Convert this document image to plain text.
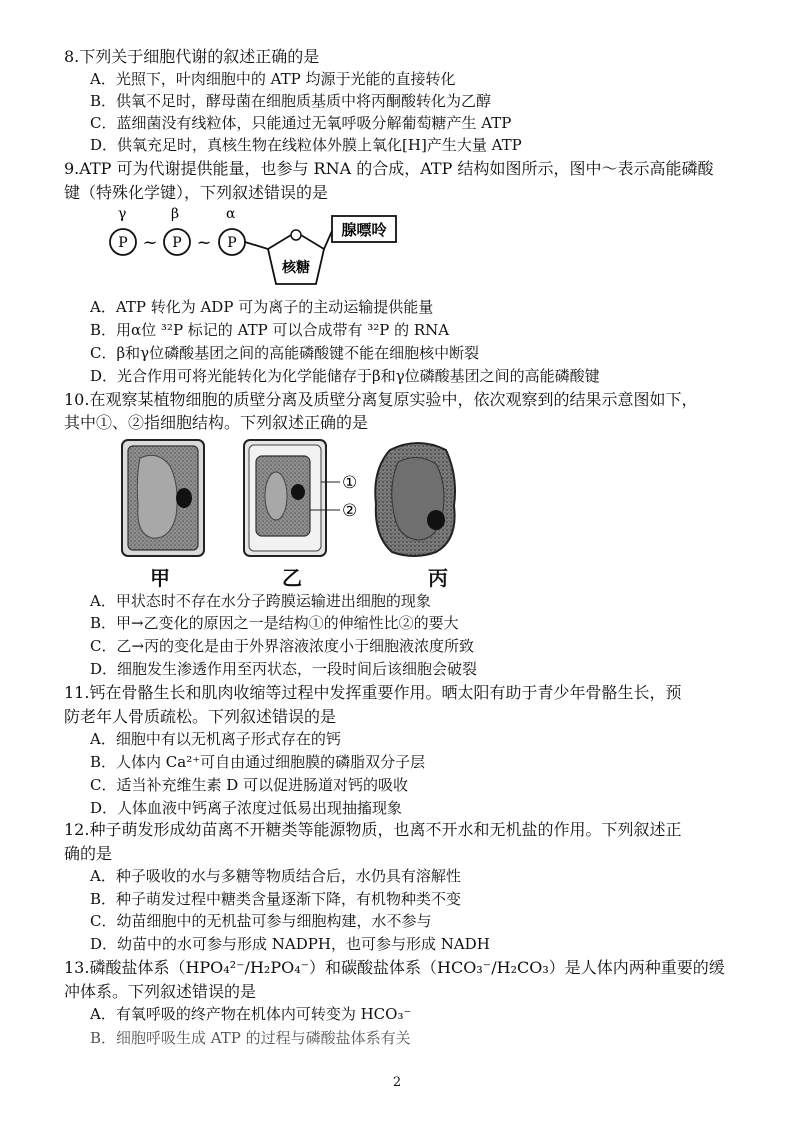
8.下列关于细胞代谢的叙述正确的是
A．光照下，叶肉细胞中的 ATP 均源于光能的直接转化
B．供氧不足时，酵母菌在细胞质基质中将丙酮酸转化为乙醇
C．蓝细菌没有线粒体，只能通过无氧呼吸分解葡萄糖产生 ATP
D．供氧充足时，真核生物在线粒体外膜上氧化[H]产生大量 ATP
9.ATP 可为代谢提供能量，也参与 RNA 的合成，ATP 结构如图所示，图中～表示高能磷酸
键（特殊化学键），下列叙述错误的是
γ	β	α
P ~ P ~ P
核糖
腺嘌呤
A．ATP 转化为 ADP 可为离子的主动运输提供能量
B．用α位 ³²P 标记的 ATP 可以合成带有 ³²P 的 RNA
C．β和γ位磷酸基团之间的高能磷酸键不能在细胞核中断裂
D．光合作用可将光能转化为化学能储存于β和γ位磷酸基团之间的高能磷酸键
10.在观察某植物细胞的质壁分离及质壁分离复原实验中，依次观察到的结果示意图如下，
其中①、②指细胞结构。下列叙述正确的是
①
②
甲	乙	丙
A．甲状态时不存在水分子跨膜运输进出细胞的现象
B．甲→乙变化的原因之一是结构①的伸缩性比②的要大
C．乙→丙的变化是由于外界溶液浓度小于细胞液浓度所致
D．细胞发生渗透作用至丙状态，一段时间后该细胞会破裂
11.钙在骨骼生长和肌肉收缩等过程中发挥重要作用。晒太阳有助于青少年骨骼生长，预
防老年人骨质疏松。下列叙述错误的是
A．细胞中有以无机离子形式存在的钙
B．人体内 Ca²⁺可自由通过细胞膜的磷脂双分子层
C．适当补充维生素 D 可以促进肠道对钙的吸收
D．人体血液中钙离子浓度过低易出现抽搐现象
12.种子萌发形成幼苗离不开糖类等能源物质，也离不开水和无机盐的作用。下列叙述正
确的是
A．种子吸收的水与多糖等物质结合后，水仍具有溶解性
B．种子萌发过程中糖类含量逐渐下降，有机物种类不变
C．幼苗细胞中的无机盐可参与细胞构建，水不参与
D．幼苗中的水可参与形成 NADPH，也可参与形成 NADH
13.磷酸盐体系（HPO₄²⁻/H₂PO₄⁻）和碳酸盐体系（HCO₃⁻/H₂CO₃）是人体内两种重要的缓
冲体系。下列叙述错误的是
A．有氧呼吸的终产物在机体内可转变为 HCO₃⁻
B．细胞呼吸生成 ATP 的过程与磷酸盐体系有关
2
